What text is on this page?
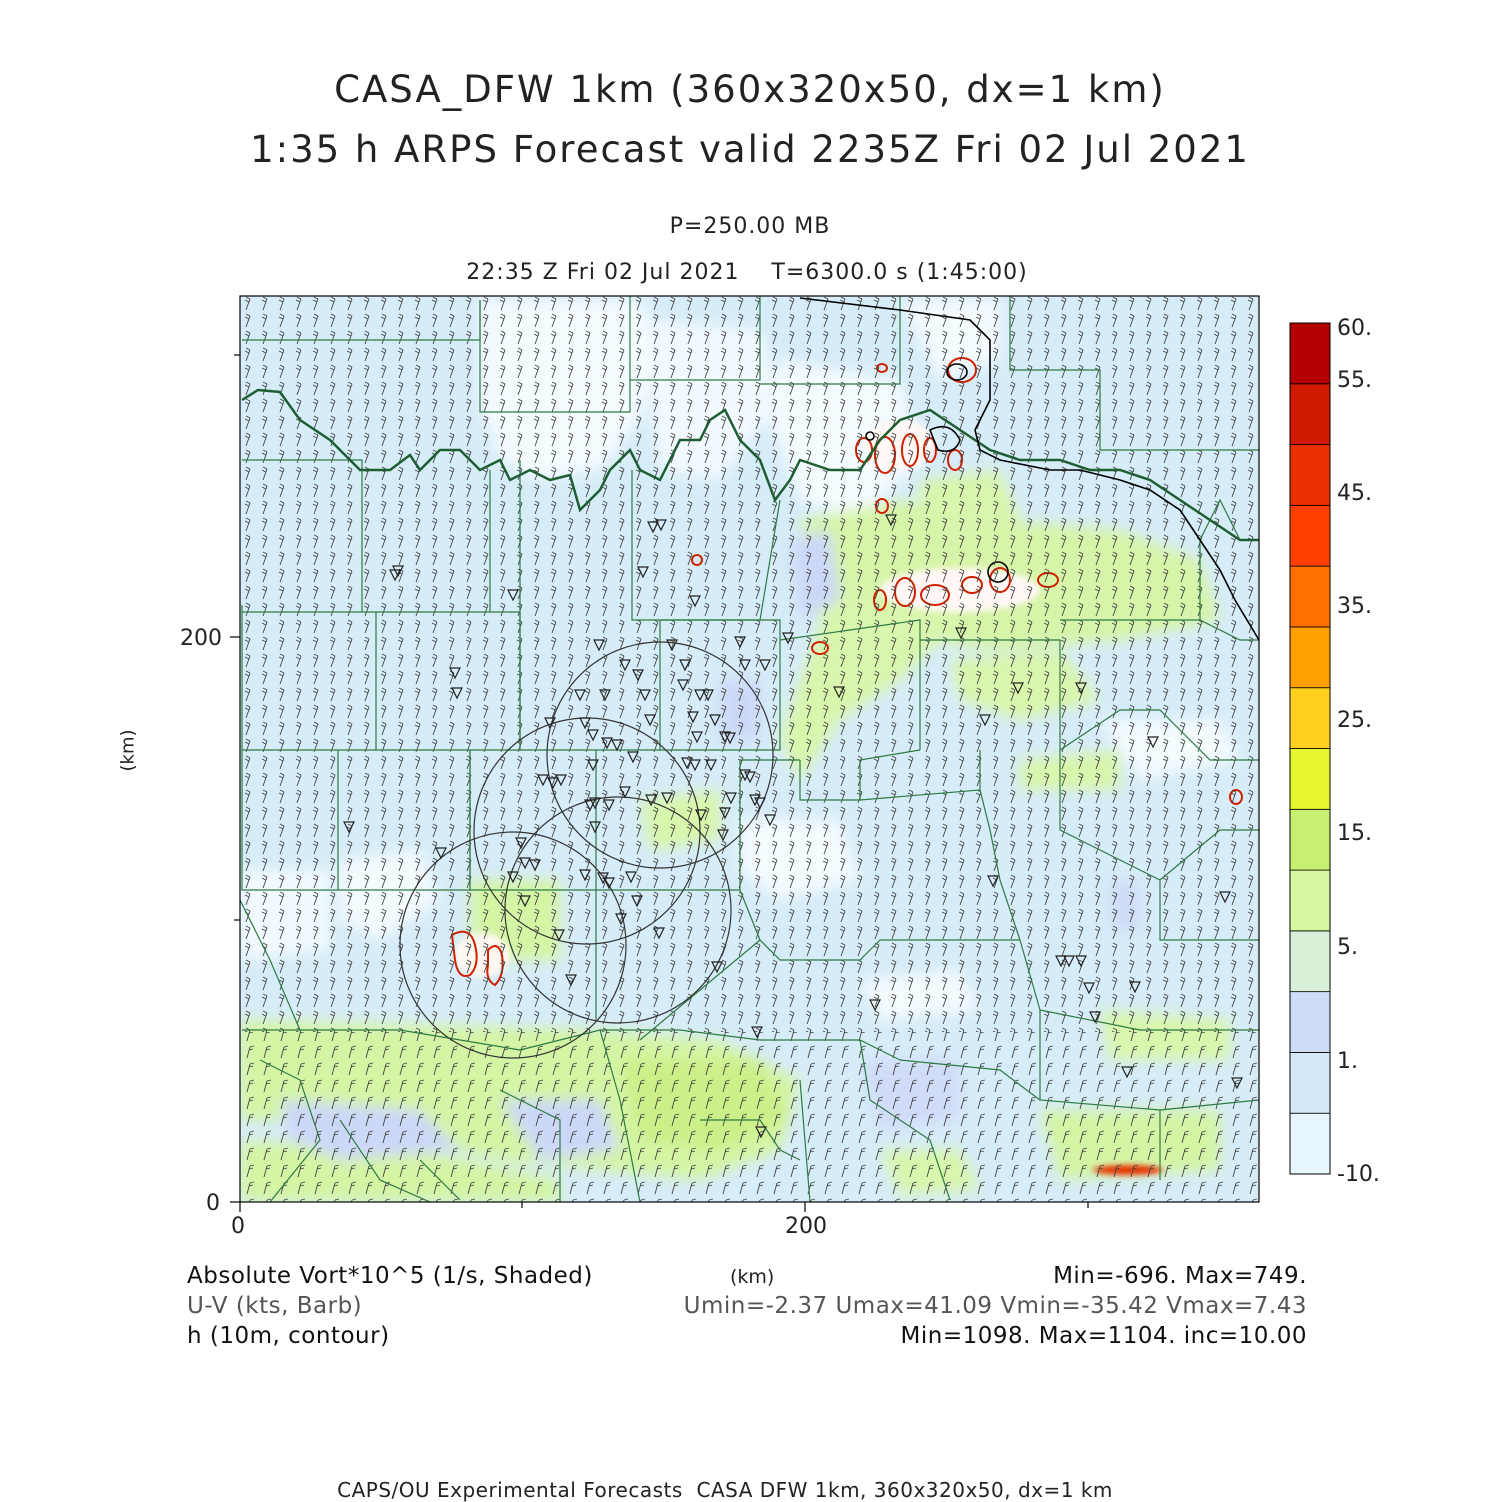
CASA_DFW 1km (360x320x50, dx=1 km)
1:35 h ARPS Forecast valid 2235Z Fri 02 Jul 2021
P=250.00 MB
22:35 Z Fri 02 Jul 2021    T=6300.0 s (1:45:00)
200
0
0	200
(km)
(km)
60.
55.
45.
35.
25.
15.
5.
1.
-10.
Absolute Vort*10^5 (1/s, Shaded)
U-V (kts, Barb)
h (10m, contour)
Min=-696. Max=749.
Umin=-2.37 Umax=41.09 Vmin=-35.42 Vmax=7.43
Min=1098. Max=1104. inc=10.00
CAPS/OU Experimental Forecasts  CASA DFW 1km, 360x320x50, dx=1 km
